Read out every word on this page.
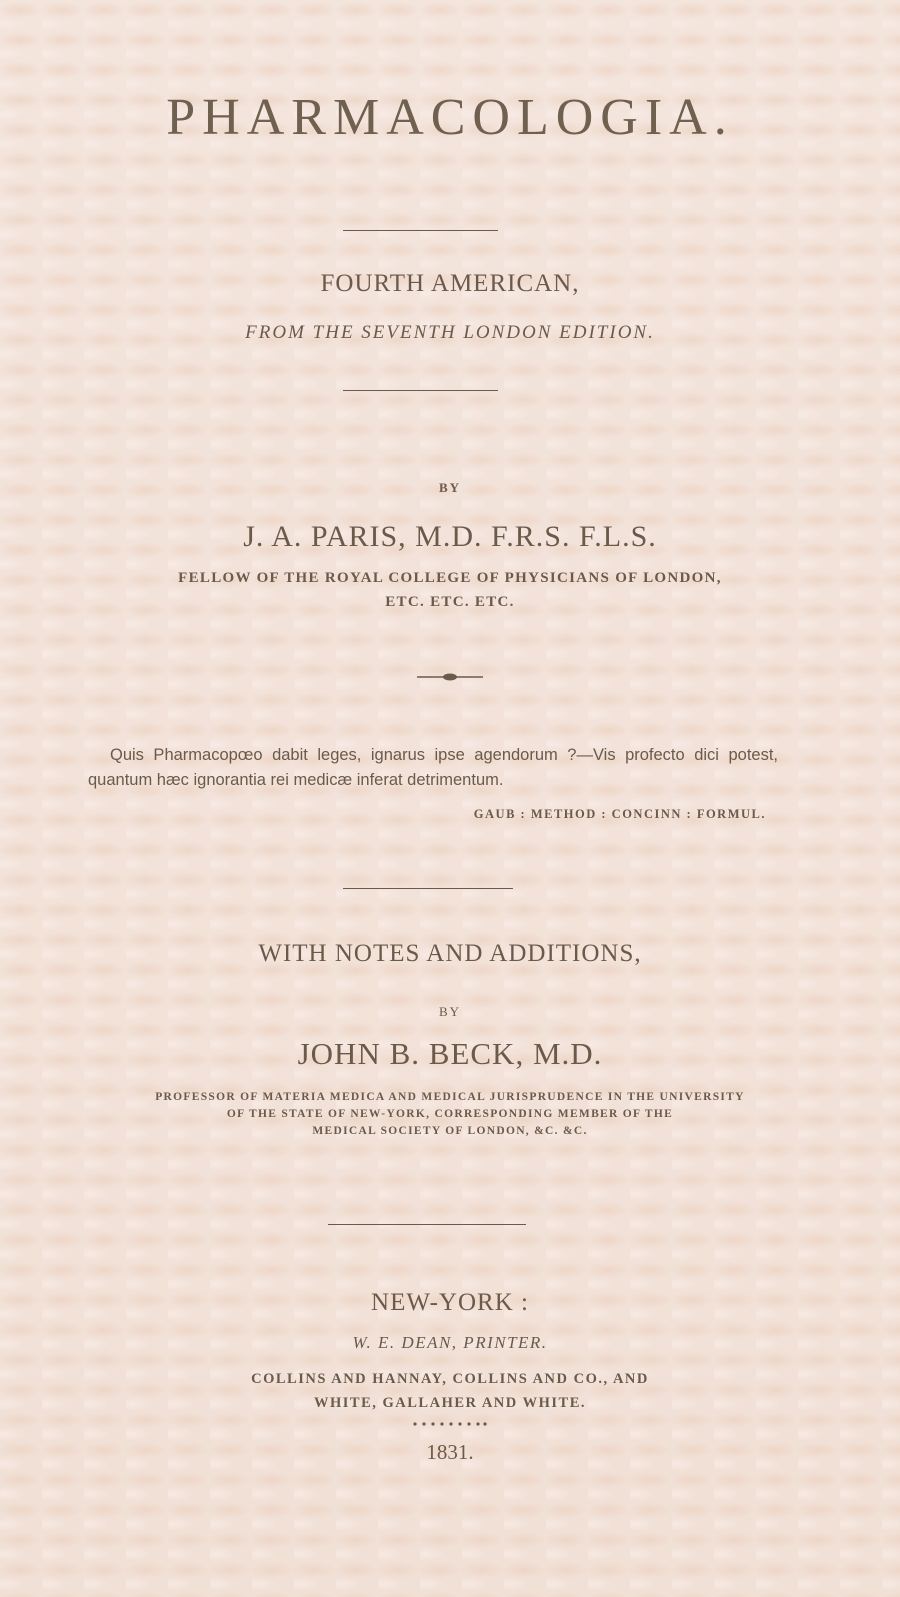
PHARMACOLOGIA.
FOURTH AMERICAN,
FROM THE SEVENTH LONDON EDITION.
BY
J. A. PARIS, M.D. F.R.S. F.L.S.
FELLOW OF THE ROYAL COLLEGE OF PHYSICIANS OF LONDON,
ETC. ETC. ETC.
Quis Pharmacopœo dabit leges, ignarus ipse agendorum ?—Vis profecto dici potest, quantum hæc ignorantia rei medicæ inferat detrimentum.
GAUB : METHOD : CONCINN : FORMUL.
WITH NOTES AND ADDITIONS,
BY
JOHN B. BECK, M.D.
PROFESSOR OF MATERIA MEDICA AND MEDICAL JURISPRUDENCE IN THE UNIVERSITY
OF THE STATE OF NEW-YORK, CORRESPONDING MEMBER OF THE
MEDICAL SOCIETY OF LONDON, &C. &C.
NEW-YORK :
W. E. DEAN, PRINTER.
COLLINS AND HANNAY, COLLINS AND CO., AND
WHITE, GALLAHER AND WHITE.
1831.
